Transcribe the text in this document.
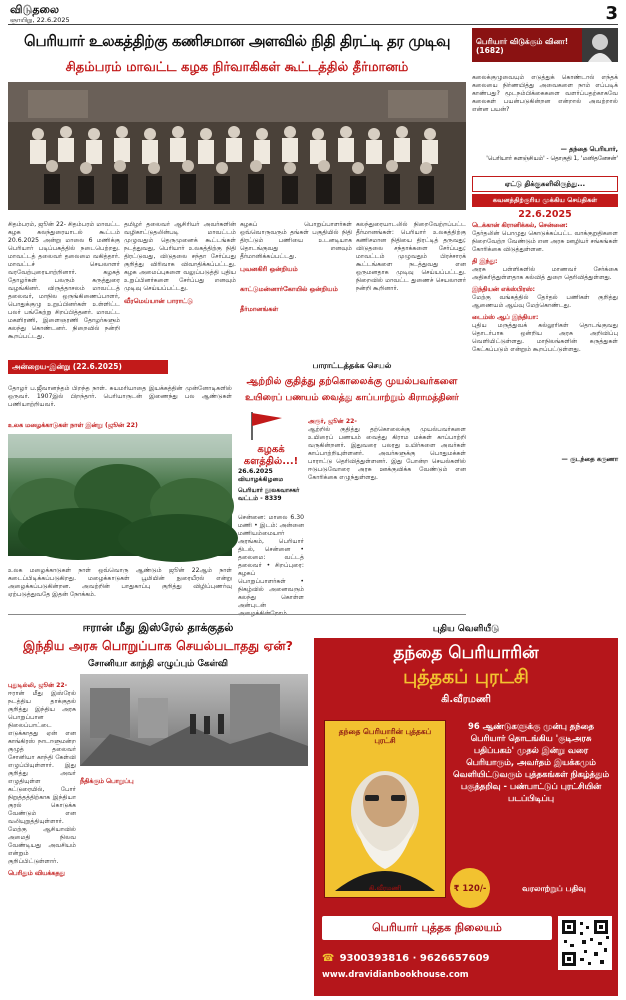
விடுதலை
ஞாயிறு, 22.6.2025	3
பெரியார் உலகத்திற்கு கணிசமான அளவில் நிதி திரட்டி தர முடிவு
சிதம்பரம் மாவட்ட கழக நிர்வாகிகள் கூட்டத்தில் தீர்மானம்

சிதம்பரம், ஜூன் 22- சிதம்பரம் மாவட்ட கழக கலந்துரையாடல் கூட்டம் 20.6.2025 அன்று மாலை 6 மணிக்கு பெரியார் படிப்பகத்தில் நடைபெற்றது. மாவட்டத் தலைவர் தலைமை வகித்தார். மாவட்டச் செயலாளர் வரவேற்புரையாற்றினார். கழகத் தோழர்கள் பலரும் கருத்துரை வழங்கினர். விருத்தாசலம் மாவட்டத் தலைவர், மாநில ஒருங்கிணைப்பாளர், பொதுக்குழு உறுப்பினர்கள் உள்ளிட்ட பலர் பங்கேற்று சிறப்பித்தனர். மாவட்ட மகளிரணி, இளைஞரணி தோழர்களும் கலந்து கொண்டனர். நிறைவில் நன்றி கூறப்பட்டது.

தமிழர் தலைவர் ஆசிரியர் அவர்களின் வழிகாட்டுதலின்படி மாவட்டம் முழுவதும் தெருமுனைக் கூட்டங்கள் நடத்துவது, பெரியார் உலகத்திற்கு நிதி திரட்டுவது, விடுதலை சந்தா சேர்ப்பது குறித்து விரிவாக விவாதிக்கப்பட்டது. கழக அமைப்புகளை வலுப்படுத்தி புதிய உறுப்பினர்களை சேர்ப்பது எனவும் முடிவு செய்யப்பட்டது.

வீரமெய்யான் பாராட்டு

கழகப் பொறுப்பாளர்கள் ஒவ்வொருவரும் தங்கள் பகுதியில் நிதி திரட்டும் பணியை உடனடியாக தொடங்குவது எனவும் தீர்மானிக்கப்பட்டது.

புவனகிரி ஒன்றியம்

காட்டுமன்னார்கோயில் ஒன்றியம்

தீர்மானங்கள்

கலந்துரையாடலில் நிறைவேற்றப்பட்ட தீர்மானங்கள்: பெரியார் உலகத்திற்கு கணிசமான நிதியை திரட்டித் தருவது; விடுதலை சந்தாக்களை சேர்ப்பது; மாவட்டம் முழுவதும் பிரச்சாரக் கூட்டங்களை நடத்துவது என ஒருமனதாக முடிவு செய்யப்பட்டது. நிறைவில் மாவட்ட துணைச் செயலாளர் நன்றி கூறினார்.

பெரியார் விடுக்கும் வினா! (1682)

கலைக்குழுவையும் எடுத்துக் கொண்டால் எந்தக் கலையை நிர்ணயித்து அவைகளை நாம் எப்படிக் காண்பது? மூடநம்பிக்கைகளை வளர்ப்பதற்காகவே கலைகள் பயன்படுகின்றன என்றால் அவற்றால் என்ன பயன்?

— தந்தை பெரியார்,
'பெரியார் களஞ்சியம்' - தொகுதி 1, 'மனிதனேசன்'
ஏட்டு திக்குகளிலிருந்து...
கவனத்திற்குரிய முக்கிய செய்திகள்
22.6.2025
டெக்கான் கிரானிக்கல், சென்னை:
தேர்தலின் பொழுது கொடுக்கப்பட்ட வாக்குறுதிகளை நிறைவேற்ற வேண்டும் என அரசு ஊழியர் சங்கங்கள் கோரிக்கை விடுத்துள்ளன.
தி இந்து:
அரசு பள்ளிகளில் மாணவர் சேர்க்கை அதிகரித்துள்ளதாக கல்வித் துறை தெரிவித்துள்ளது.
இந்தியன் எக்ஸ்பிரஸ்:
மேற்கு வங்கத்தில் தேர்தல் பணிகள் குறித்து ஆணையம் ஆய்வு மேற்கொண்டது.
டைம்ஸ் ஆப் இந்தியா:
புதிய மருத்துவக் கல்லூரிகள் தொடங்குவது தொடர்பாக ஒன்றிய அரசு அறிவிப்பு வெளியிட்டுள்ளது. மாநிலங்களின் கருத்துகள் கேட்கப்படும் என்றும் கூறப்பட்டுள்ளது.
— குடந்தை கருணா
அன்றைய-இன்று (22.6.2025)

தோழர் ப.ஜீவானந்தம் பிறந்த நாள். சுயமரியாதை இயக்கத்தின் முன்னோடிகளில் ஒருவர். 1907இல் பிறந்தார். பெரியாருடன் இணைந்து பல ஆண்டுகள் பணியாற்றியவர்.

உலக மழைக்காடுகள் நாள் இன்று (ஜூன் 22)

உலக மழைக்காடுகள் நாள் ஒவ்வொரு ஆண்டும் ஜூன் 22ஆம் நாள் கடைப்பிடிக்கப்படுகிறது. மழைக்காடுகள் பூமியின் நுரையீரல் என்று அழைக்கப்படுகின்றன. அவற்றின் பாதுகாப்பு குறித்து விழிப்புணர்வு ஏற்படுத்துவதே இதன் நோக்கம்.

பாராட்டத்தக்க செயல்
ஆற்றில் குதித்து தற்கொலைக்கு முயல்பவர்களை
உயிரைப் பணயம் வைத்து காப்பாற்றும் கிராமத்தினர்

அரூர், ஜூன் 22-
ஆற்றில் குதித்து தற்கொலைக்கு முயல்பவர்களை உயிரைப் பணயம் வைத்து கிராம மக்கள் காப்பாற்றி வருகின்றனர். இதுவரை பலரது உயிர்களை அவர்கள் காப்பாற்றியுள்ளனர். அவர்களுக்கு பொதுமக்கள் பாராட்டு தெரிவித்துள்ளனர். இது போன்ற செயல்களில் ஈடுபடுவோரை அரசு ஊக்குவிக்க வேண்டும் என கோரிக்கை எழுந்துள்ளது.

கழகக் களத்தில்...!
26.6.2025 வியாழக்கிழமை
பெரியார் நூலகவாசகர் வட்டம் - 8339

சென்னை: மாலை 6.30 மணி • இடம்: அன்னை மணியம்மையார் அரங்கம், பெரியார் திடல், சென்னை • தலைமை: வட்டத் தலைவர் • சிறப்புரை: கழகப் பொறுப்பாளர்கள் • நிகழ்வில் அனைவரும் கலந்து கொள்ள அன்புடன்

ஈரான் மீது இஸ்ரேல் தாக்குதல்
இந்திய அரசு பொறுப்பாக செயல்படாதது ஏன்?
சோனியா காந்தி எழுப்பும் கேள்வி

புதுடில்லி, ஜூன் 22-
ஈரான் மீது இஸ்ரேல் நடத்திய தாக்குதல் குறித்து இந்திய அரசு பொறுப்பான நிலைப்பாட்டை எடுக்காதது ஏன் என காங்கிரஸ் நாடாளுமன்ற குழுத் தலைவர் சோனியா காந்தி கேள்வி எழுப்பியுள்ளார். இது குறித்து அவர் எழுதியுள்ள கட்டுரையில், போர் நிறுத்தத்திற்காக இந்தியா குரல் கொடுக்க வேண்டும் என வலியுறுத்தியுள்ளார். மேற்கு ஆசியாவில் அமைதி நிலவ வேண்டியது அவசியம் என்றும் குறிப்பிட்டுள்ளார்.

பெரிதும் வியக்கதது

நீதிக்கும் பொறுப்பு

புதிய வெளியீடு
தந்தை பெரியாரின்
புத்தகப் புரட்சி
கி.வீரமணி
தந்தை பெரியாரின் புத்தகப் புரட்சி
கி.வீரமணி
96 ஆண்டுகளுக்கு முன்பு தந்தை பெரியார் தொடங்கிய 'குடிஅரசு பதிப்பகம்' முதல் இன்று வரை பெரியாரும், அவர்தம் இயக்கமும் வெளியிட்டுவரும் புத்தகங்கள் நிகழ்த்தும் பகுத்தறிவு - பண்பாட்டுப் புரட்சியின் படப்பிடிப்பு
₹ 120/-	வரலாற்றுப் பதிவு
பெரியார் புத்தக நிலையம்
☎ 9300393816 · 9626657609
www.dravidianbookhouse.com
